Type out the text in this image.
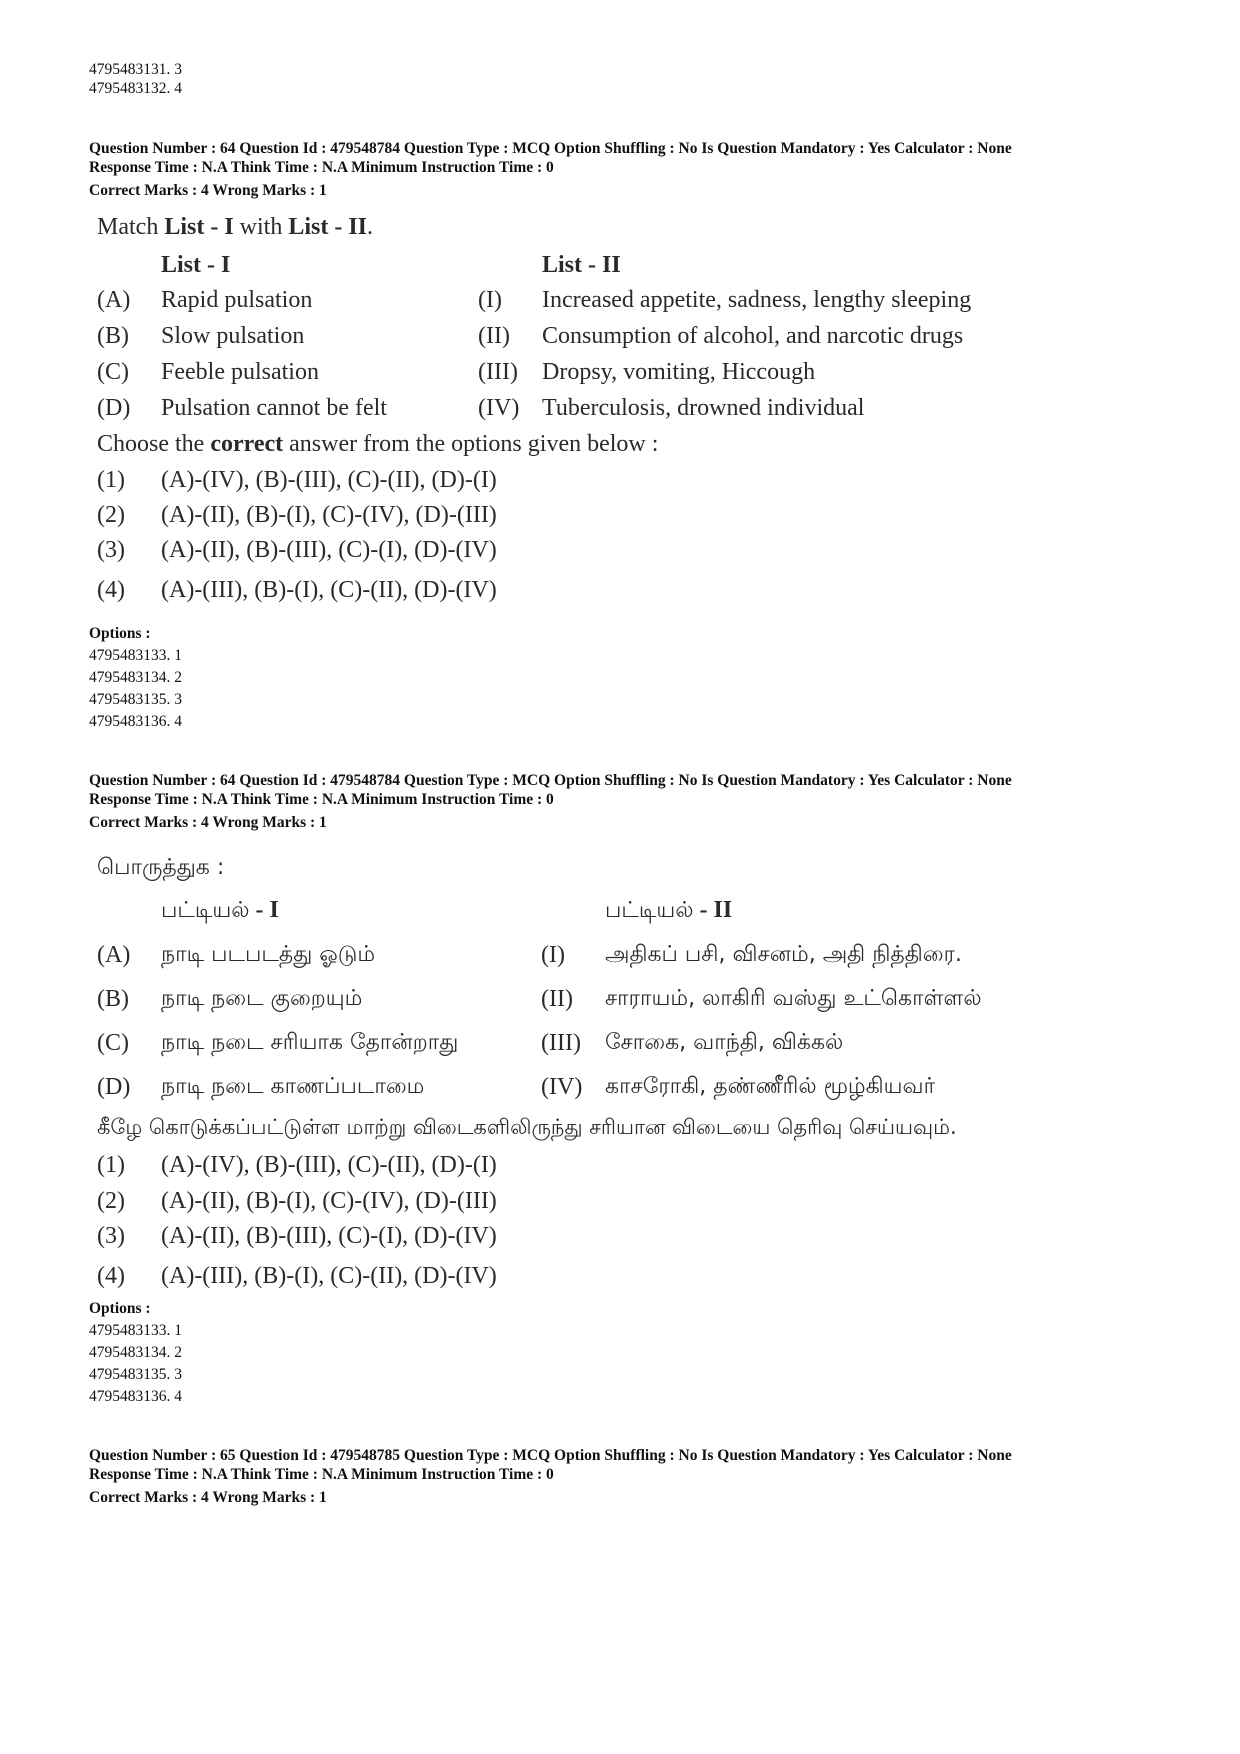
4795483131. 3
4795483132. 4
Question Number : 64 Question Id : 479548784 Question Type : MCQ Option Shuffling : No Is Question Mandatory : Yes Calculator : None
Response Time : N.A Think Time : N.A Minimum Instruction Time : 0
Correct Marks : 4 Wrong Marks : 1
Match List - I with List - II.
List - I	List - II
(A) Rapid pulsation	(I) Increased appetite, sadness, lengthy sleeping
(B) Slow pulsation	(II) Consumption of alcohol, and narcotic drugs
(C) Feeble pulsation	(III) Dropsy, vomiting, Hiccough
(D) Pulsation cannot be felt	(IV) Tuberculosis, drowned individual
Choose the correct answer from the options given below :
(1) (A)-(IV), (B)-(III), (C)-(II), (D)-(I)
(2) (A)-(II), (B)-(I), (C)-(IV), (D)-(III)
(3) (A)-(II), (B)-(III), (C)-(I), (D)-(IV)
(4) (A)-(III), (B)-(I), (C)-(II), (D)-(IV)
Options :
4795483133. 1
4795483134. 2
4795483135. 3
4795483136. 4
Question Number : 64 Question Id : 479548784 Question Type : MCQ Option Shuffling : No Is Question Mandatory : Yes Calculator : None
Response Time : N.A Think Time : N.A Minimum Instruction Time : 0
Correct Marks : 4 Wrong Marks : 1
பொருத்துக :
பட்டியல் - I	பட்டியல் - II
(A) நாடி படபடத்து ஓடும்	(I) அதிகப் பசி, விசனம், அதி நித்திரை.
(B) நாடி நடை குறையும்	(II) சாராயம், லாகிரி வஸ்து உட்கொள்ளல்
(C) நாடி நடை சரியாக தோன்றாது	(III) சோகை, வாந்தி, விக்கல்
(D) நாடி நடை காணப்படாமை	(IV) காசரோகி, தண்ணீரில் மூழ்கியவர்
கீழே கொடுக்கப்பட்டுள்ள மாற்று விடைகளிலிருந்து சரியான விடையை தெரிவு செய்யவும்.
(1) (A)-(IV), (B)-(III), (C)-(II), (D)-(I)
(2) (A)-(II), (B)-(I), (C)-(IV), (D)-(III)
(3) (A)-(II), (B)-(III), (C)-(I), (D)-(IV)
(4) (A)-(III), (B)-(I), (C)-(II), (D)-(IV)
Options :
4795483133. 1
4795483134. 2
4795483135. 3
4795483136. 4
Question Number : 65 Question Id : 479548785 Question Type : MCQ Option Shuffling : No Is Question Mandatory : Yes Calculator : None
Response Time : N.A Think Time : N.A Minimum Instruction Time : 0
Correct Marks : 4 Wrong Marks : 1
